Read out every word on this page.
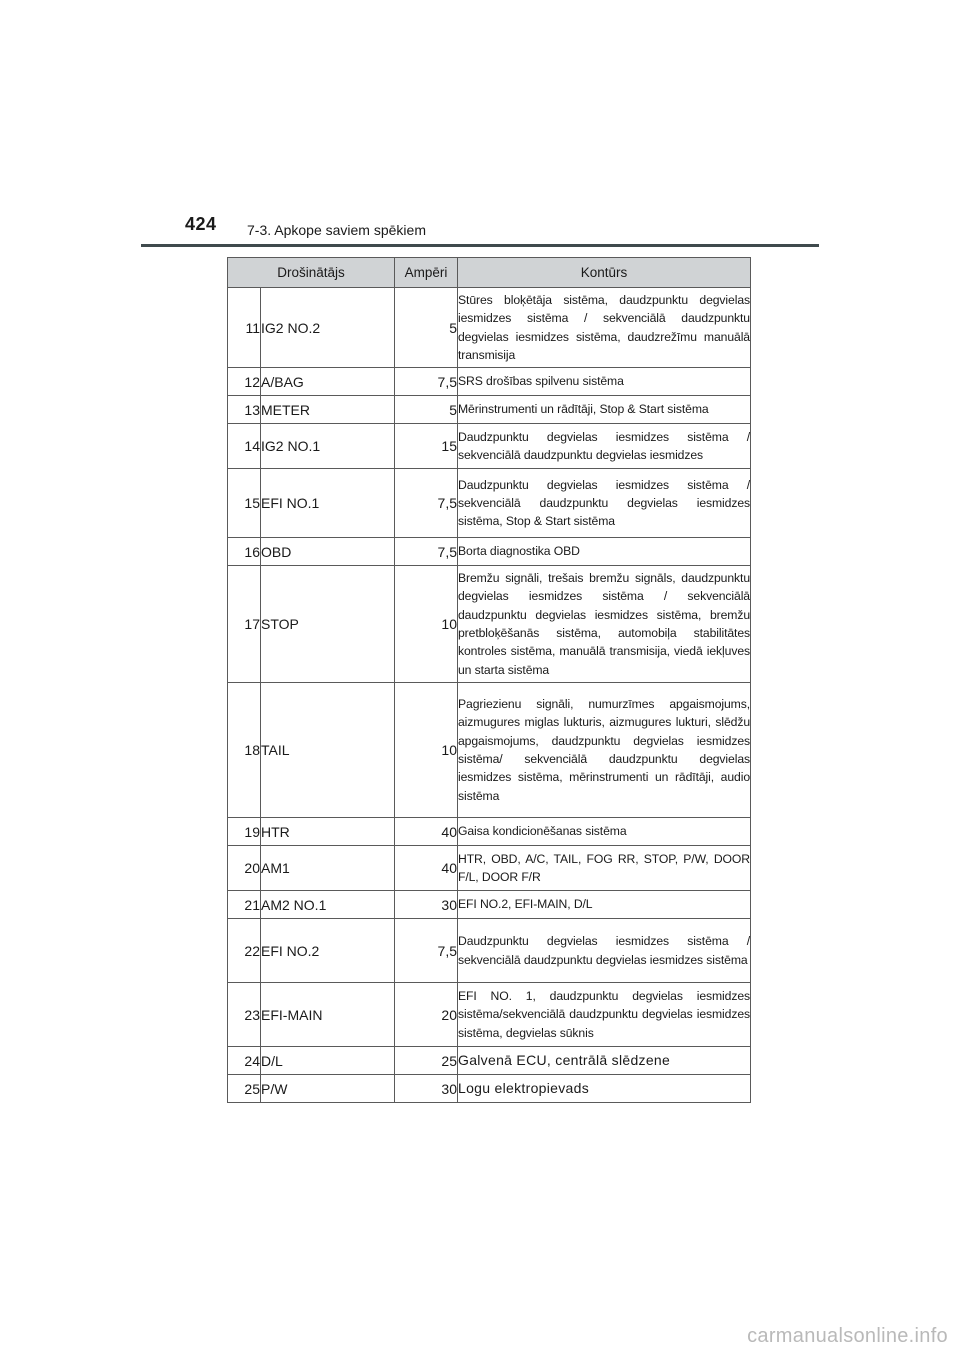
424 7-3. Apkope saviem spēkiem
Drošinātājs		Ampēri	Kontūrs
11	IG2 NO.2	5	Stūres bloķētāja sistēma, daudzpunktu degvielas iesmidzes sistēma / sekvenciālā daudzpunktu degvielas iesmidzes sistēma, daudzrežīmu manuālā transmisija
12	A/BAG	7,5	SRS drošības spilvenu sistēma
13	METER	5	Mērinstrumenti un rādītāji, Stop & Start sistēma
14	IG2 NO.1	15	Daudzpunktu degvielas iesmidzes sistēma / sekvenciālā daudzpunktu degvielas iesmidzes
15	EFI NO.1	7,5	Daudzpunktu degvielas iesmidzes sistēma / sekvenciālā daudzpunktu degvielas iesmidzes sistēma, Stop & Start sistēma
16	OBD	7,5	Borta diagnostika OBD
17	STOP	10	Bremžu signāli, trešais bremžu signāls, daudzpunktu degvielas iesmidzes sistēma / sekvenciālā daudzpunktu degvielas iesmidzes sistēma, bremžu pretbloķēšanās sistēma, automobiļa stabilitātes kontroles sistēma, manuālā transmisija, viedā iekļuves un starta sistēma
18	TAIL	10	Pagriezienu signāli, numurzīmes apgaismojums, aizmugures miglas lukturis, aizmugures lukturi, slēdžu apgaismojums, daudzpunktu degvielas iesmidzes sistēma/ sekvenciālā daudzpunktu degvielas iesmidzes sistēma, mērinstrumenti un rādītāji, audio sistēma
19	HTR	40	Gaisa kondicionēšanas sistēma
20	AM1	40	HTR, OBD, A/C, TAIL, FOG RR, STOP, P/W, DOOR F/L, DOOR F/R
21	AM2 NO.1	30	EFI NO.2, EFI-MAIN, D/L
22	EFI NO.2	7,5	Daudzpunktu degvielas iesmidzes sistēma / sekvenciālā daudzpunktu degvielas iesmidzes sistēma
23	EFI-MAIN	20	EFI NO. 1, daudzpunktu degvielas iesmidzes sistēma/sekvenciālā daudzpunktu degvielas iesmidzes sistēma, degvielas sūknis
24	D/L	25	Galvenā ECU, centrālā slēdzene
25	P/W	30	Logu elektropievads
carmanualsonline.info
